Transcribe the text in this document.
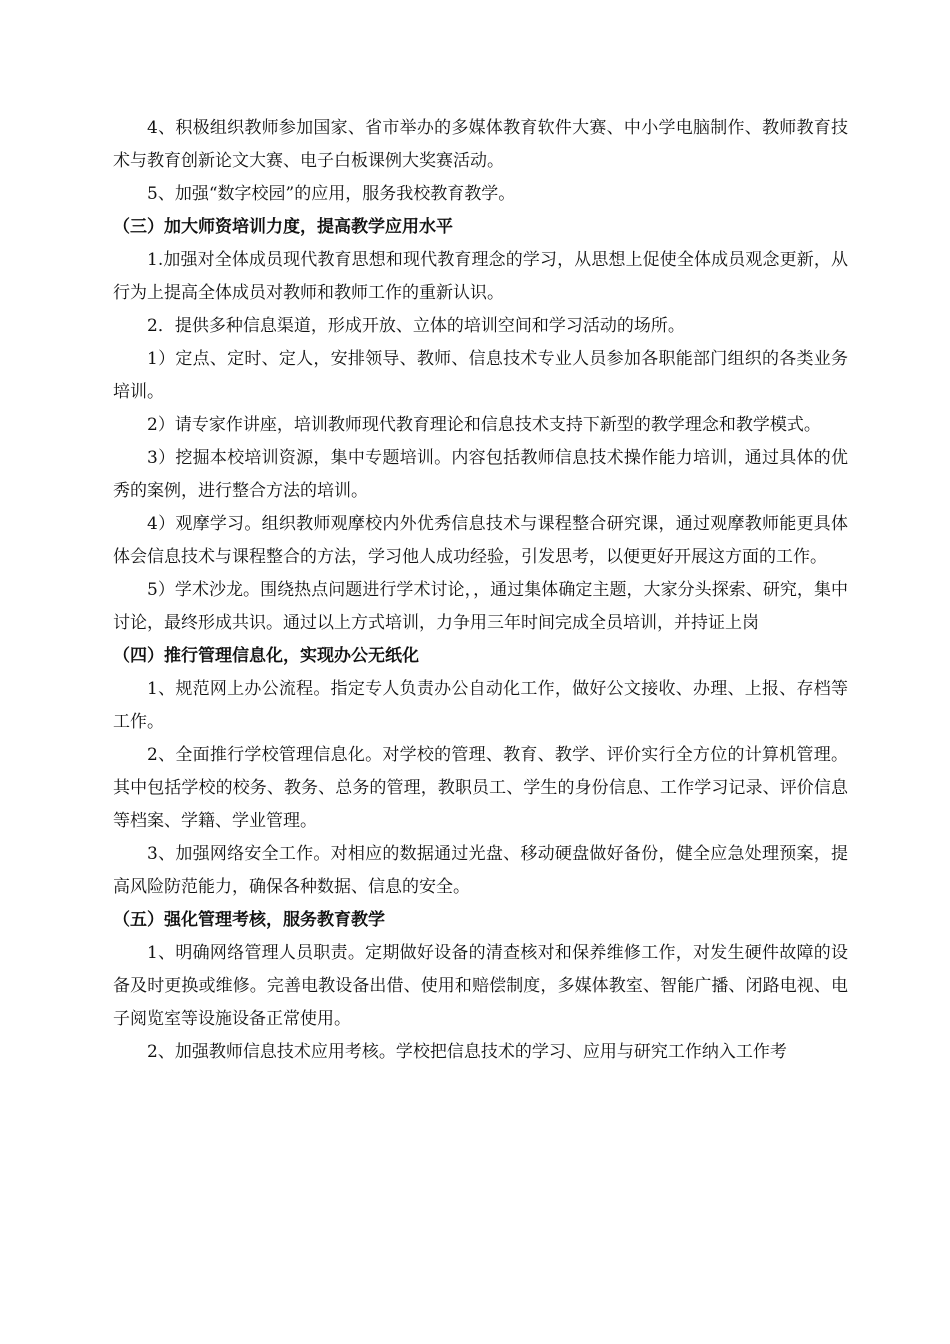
4、积极组织教师参加国家、省市举办的多媒体教育软件大赛、中小学电脑制作、教师教育技术与教育创新论文大赛、电子白板课例大奖赛活动。

5、加强“数字校园”的应用，服务我校教育教学。

（三）加大师资培训力度，提高教学应用水平

1.加强对全体成员现代教育思想和现代教育理念的学习，从思想上促使全体成员观念更新，从行为上提高全体成员对教师和教师工作的重新认识。

2．提供多种信息渠道，形成开放、立体的培训空间和学习活动的场所。

1）定点、定时、定人，安排领导、教师、信息技术专业人员参加各职能部门组织的各类业务培训。

2）请专家作讲座，培训教师现代教育理论和信息技术支持下新型的教学理念和教学模式。

3）挖掘本校培训资源，集中专题培训。内容包括教师信息技术操作能力培训，通过具体的优秀的案例，进行整合方法的培训。

4）观摩学习。组织教师观摩校内外优秀信息技术与课程整合研究课，通过观摩教师能更具体体会信息技术与课程整合的方法，学习他人成功经验，引发思考，以便更好开展这方面的工作。

5）学术沙龙。围绕热点问题进行学术讨论，，通过集体确定主题，大家分头探索、研究，集中讨论，最终形成共识。通过以上方式培训，力争用三年时间完成全员培训，并持证上岗

（四）推行管理信息化，实现办公无纸化

1、规范网上办公流程。指定专人负责办公自动化工作，做好公文接收、办理、上报、存档等工作。

2、全面推行学校管理信息化。对学校的管理、教育、教学、评价实行全方位的计算机管理。其中包括学校的校务、教务、总务的管理，教职员工、学生的身份信息、工作学习记录、评价信息等档案、学籍、学业管理。

3、加强网络安全工作。对相应的数据通过光盘、移动硬盘做好备份，健全应急处理预案，提高风险防范能力，确保各种数据、信息的安全。

（五）强化管理考核，服务教育教学

1、明确网络管理人员职责。定期做好设备的清查核对和保养维修工作，对发生硬件故障的设备及时更换或维修。完善电教设备出借、使用和赔偿制度，多媒体教室、智能广播、闭路电视、电子阅览室等设施设备正常使用。

2、加强教师信息技术应用考核。学校把信息技术的学习、应用与研究工作纳入工作考
